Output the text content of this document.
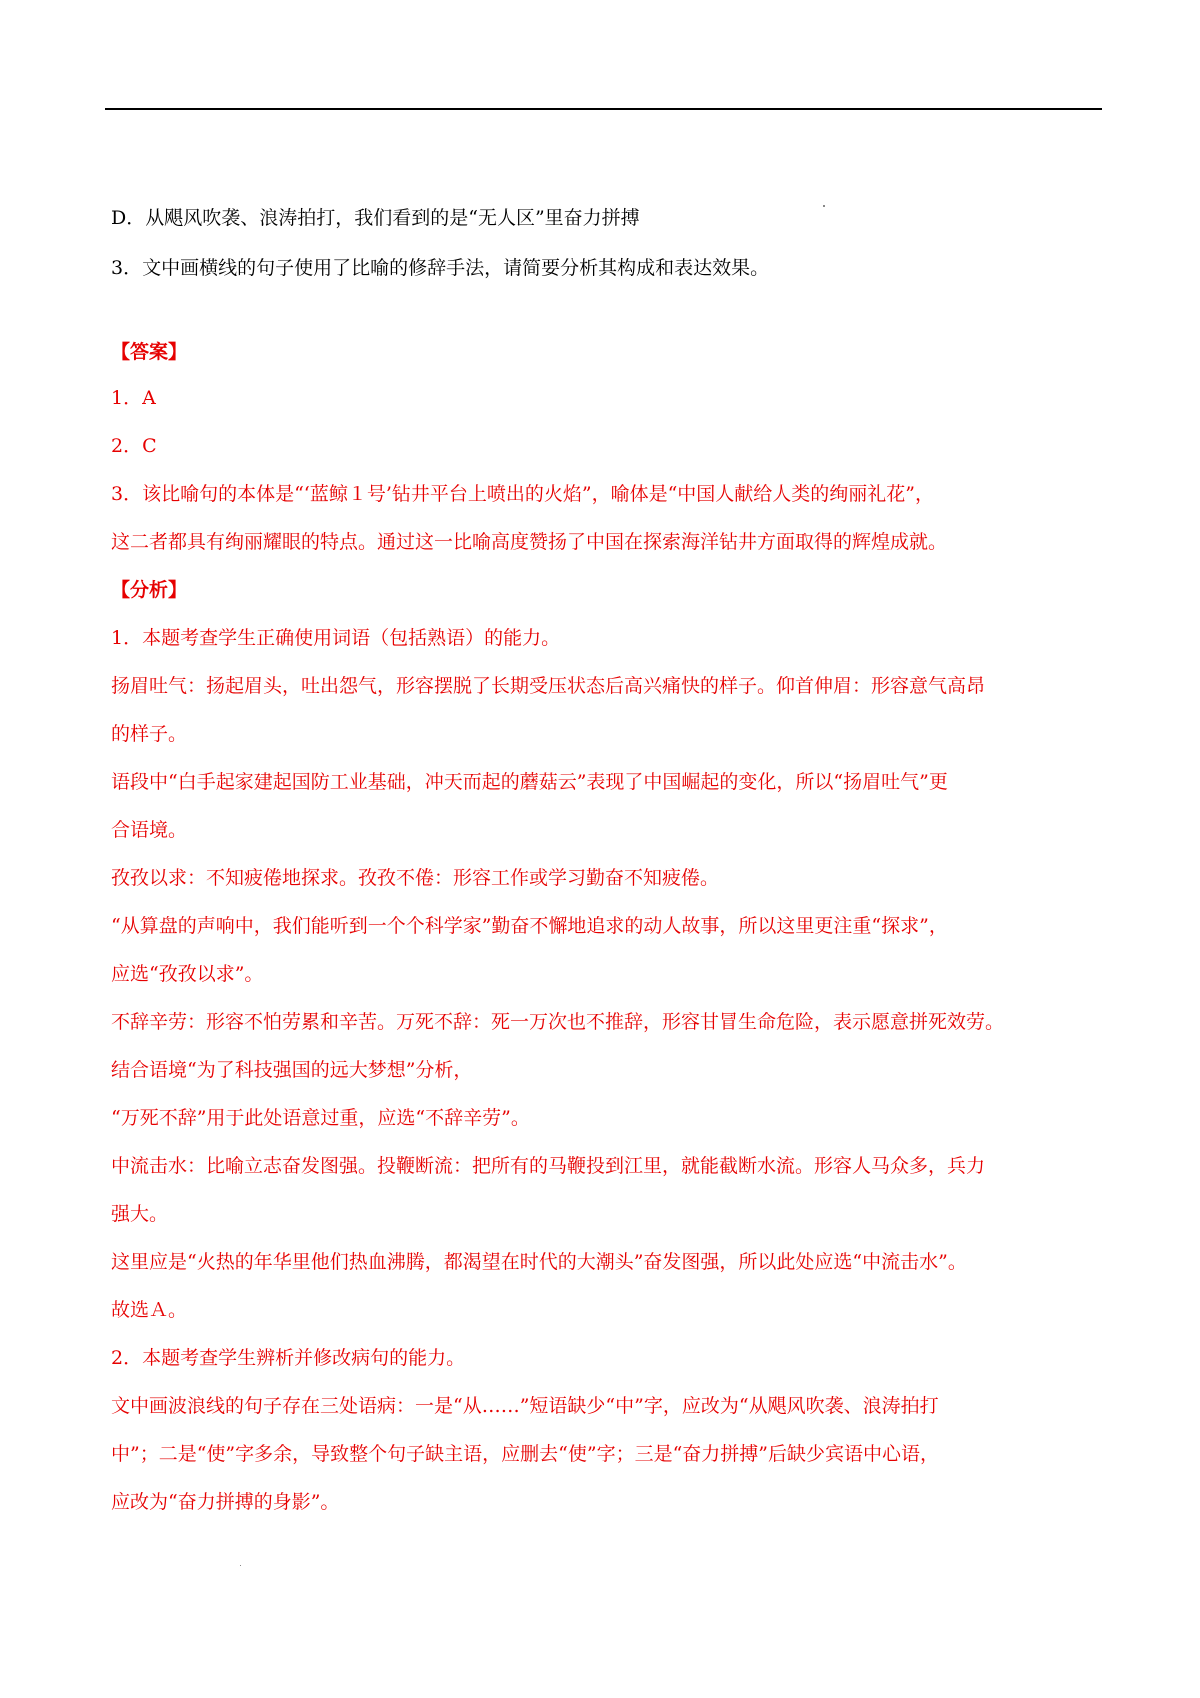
D．从飓风吹袭、浪涛拍打，我们看到的是“无人区”里奋力拼搏
3．文中画横线的句子使用了比喻的修辞手法，请简要分析其构成和表达效果。
【答案】
1．A
2．C
3．该比喻句的本体是“‘蓝鲸１号’钻井平台上喷出的火焰”，喻体是“中国人献给人类的绚丽礼花”，
这二者都具有绚丽耀眼的特点。通过这一比喻高度赞扬了中国在探索海洋钻井方面取得的辉煌成就。
【分析】
1．本题考查学生正确使用词语（包括熟语）的能力。
扬眉吐气：扬起眉头，吐出怨气，形容摆脱了长期受压状态后高兴痛快的样子。仰首伸眉：形容意气高昂
的样子。
语段中“白手起家建起国防工业基础，冲天而起的蘑菇云”表现了中国崛起的变化，所以“扬眉吐气”更
合语境。
孜孜以求：不知疲倦地探求。孜孜不倦：形容工作或学习勤奋不知疲倦。
“从算盘的声响中，我们能听到一个个科学家”勤奋不懈地追求的动人故事，所以这里更注重“探求”，
应选“孜孜以求”。
不辞辛劳：形容不怕劳累和辛苦。万死不辞：死一万次也不推辞，形容甘冒生命危险，表示愿意拼死效劳。
结合语境“为了科技强国的远大梦想”分析，
“万死不辞”用于此处语意过重，应选“不辞辛劳”。
中流击水：比喻立志奋发图强。投鞭断流：把所有的马鞭投到江里，就能截断水流。形容人马众多，兵力
强大。
这里应是“火热的年华里他们热血沸腾，都渴望在时代的大潮头”奋发图强，所以此处应选“中流击水”。
故选Ａ。
2．本题考查学生辨析并修改病句的能力。
文中画波浪线的句子存在三处语病：一是“从……”短语缺少“中”字，应改为“从飓风吹袭、浪涛拍打
中”；二是“使”字多余，导致整个句子缺主语，应删去“使”字；三是“奋力拼搏”后缺少宾语中心语，
应改为“奋力拼搏的身影”。
